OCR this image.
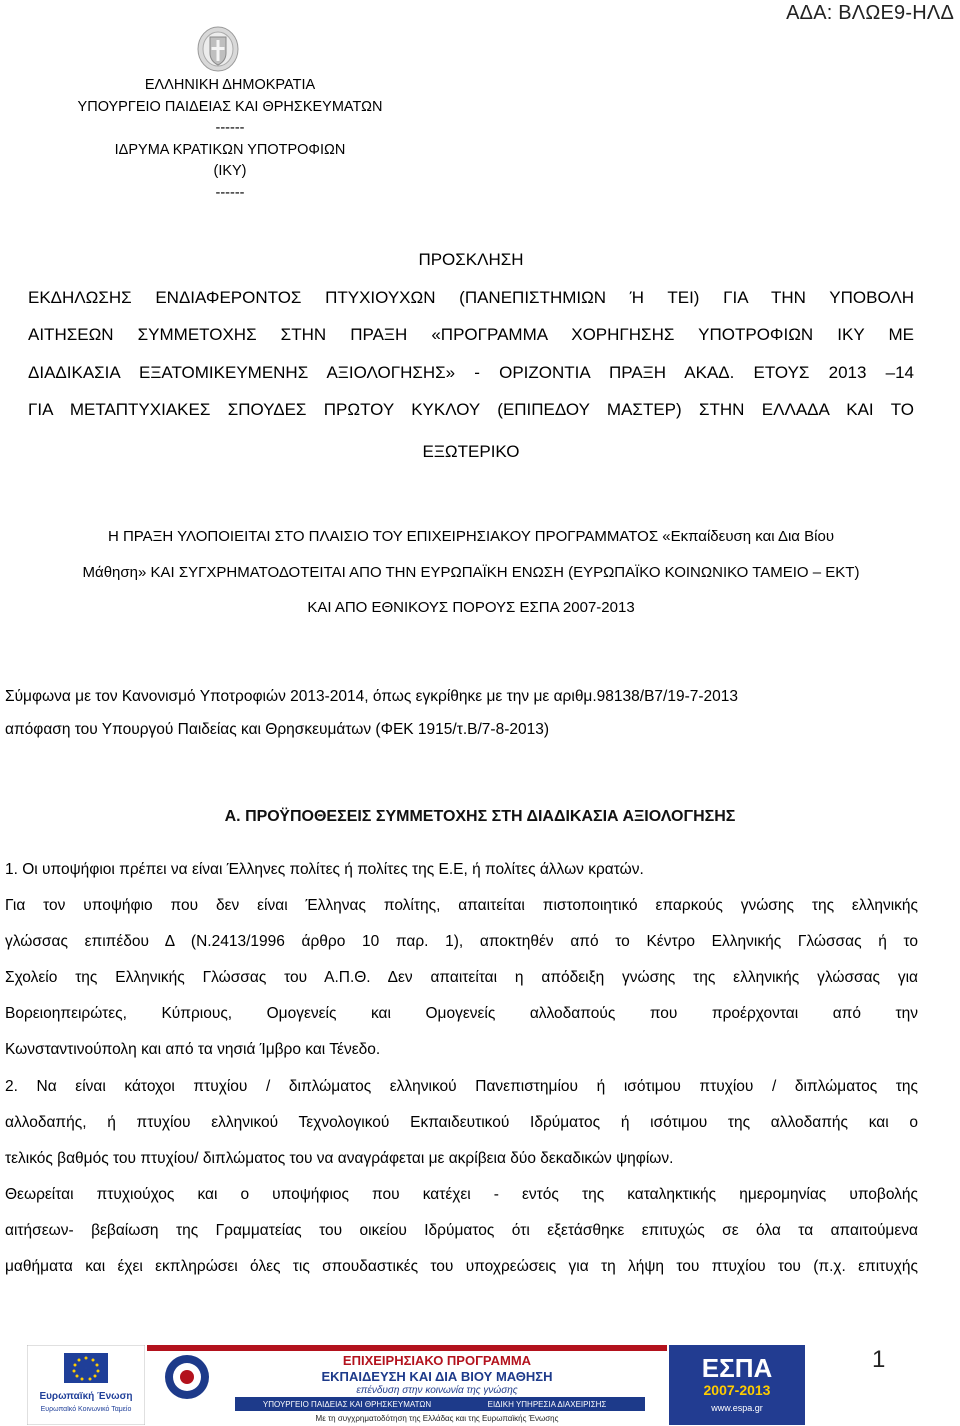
ΑΔΑ: ΒΛΩΕ9-ΗΛΔ
ΕΛΛΗΝΙΚΗ ΔΗΜΟΚΡΑΤΙΑ
ΥΠΟΥΡΓΕΙΟ ΠΑΙΔΕΙΑΣ ΚΑΙ ΘΡΗΣΚΕΥΜΑΤΩΝ
------
ΙΔΡΥΜΑ ΚΡΑΤΙΚΩΝ ΥΠΟΤΡΟΦΙΩΝ
(ΙΚΥ)
------
ΠΡΟΣΚΛΗΣΗ
ΕΚΔΗΛΩΣΗΣ ΕΝΔΙΑΦΕΡΟΝΤΟΣ ΠΤΥΧΙΟΥΧΩΝ (ΠΑΝΕΠΙΣΤΗΜΙΩΝ Ή ΤΕΙ) ΓΙΑ ΤΗΝ ΥΠΟΒΟΛΗ
ΑΙΤΗΣΕΩΝ ΣΥΜΜΕΤΟΧΗΣ ΣΤΗΝ ΠΡΑΞΗ «ΠΡΟΓΡΑΜΜΑ ΧΟΡΗΓΗΣΗΣ ΥΠΟΤΡΟΦΙΩΝ ΙΚΥ ΜΕ
ΔΙΑΔΙΚΑΣΙΑ ΕΞΑΤΟΜΙΚΕΥΜΕΝΗΣ ΑΞΙΟΛΟΓΗΣΗΣ» - ΟΡΙΖΟΝΤΙΑ ΠΡΑΞΗ ΑΚΑΔ. ΕΤΟΥΣ 2013 –14
ΓΙΑ ΜΕΤΑΠΤΥΧΙΑΚΕΣ ΣΠΟΥΔΕΣ ΠΡΩΤΟΥ ΚΥΚΛΟΥ (ΕΠΙΠΕΔΟΥ ΜΑΣΤΕΡ) ΣΤΗΝ ΕΛΛΑΔΑ ΚΑΙ ΤΟ
ΕΞΩΤΕΡΙΚΟ
Η ΠΡΑΞΗ ΥΛΟΠΟΙΕΙΤΑΙ ΣΤΟ ΠΛΑΙΣΙΟ ΤΟΥ ΕΠΙΧΕΙΡΗΣΙΑΚΟΥ ΠΡΟΓΡΑΜΜΑΤΟΣ «Εκπαίδευση και Δια Βίου
Μάθηση» ΚΑΙ ΣΥΓΧΡΗΜΑΤΟΔΟΤΕΙΤΑΙ ΑΠΟ ΤΗΝ ΕΥΡΩΠΑΪΚΗ ΕΝΩΣΗ (ΕΥΡΩΠΑΪΚΟ ΚΟΙΝΩΝΙΚΟ ΤΑΜΕΙΟ – ΕΚΤ)
ΚΑΙ ΑΠΟ ΕΘΝΙΚΟΥΣ ΠΟΡΟΥΣ ΕΣΠΑ 2007-2013
Σύμφωνα με τον Κανονισμό Υποτροφιών 2013-2014, όπως εγκρίθηκε με την με αριθμ.98138/Β7/19-7-2013
απόφαση του Υπουργού Παιδείας και Θρησκευμάτων (ΦΕΚ 1915/τ.Β/7-8-2013)
Α. ΠΡΟΫΠΟΘΕΣΕΙΣ ΣΥΜΜΕΤΟΧΗΣ ΣΤΗ ΔΙΑΔΙΚΑΣΙΑ ΑΞΙΟΛΟΓΗΣΗΣ
1. Οι υποψήφιοι πρέπει να είναι Έλληνες πολίτες ή πολίτες της Ε.Ε, ή πολίτες άλλων κρατών.
Για τον υποψήφιο που δεν είναι Έλληνας πολίτης, απαιτείται πιστοποιητικό επαρκούς γνώσης της ελληνικής
γλώσσας επιπέδου Δ (Ν.2413/1996 άρθρο 10 παρ. 1), αποκτηθέν από το Κέντρο Ελληνικής Γλώσσας ή το
Σχολείο της Ελληνικής Γλώσσας του Α.Π.Θ. Δεν απαιτείται η απόδειξη γνώσης της ελληνικής γλώσσας για
Βορειοηπειρώτες, Κύπριους, Ομογενείς και Ομογενείς αλλοδαπούς που προέρχονται από την
Κωνσταντινούπολη και από τα νησιά Ίμβρο και Τένεδο.
2. Να είναι κάτοχοι πτυχίου / διπλώματος ελληνικού Πανεπιστημίου ή ισότιμου πτυχίου / διπλώματος της
αλλοδαπής, ή πτυχίου ελληνικού Τεχνολογικού Εκπαιδευτικού Ιδρύματος ή ισότιμου της αλλοδαπής και ο
τελικός βαθμός του πτυχίου/ διπλώματος του να αναγράφεται με ακρίβεια δύο δεκαδικών ψηφίων.
Θεωρείται πτυχιούχος και ο υποψήφιος που κατέχει - εντός της καταληκτικής ημερομηνίας υποβολής
αιτήσεων- βεβαίωση της Γραμματείας του οικείου Ιδρύματος ότι εξετάσθηκε επιτυχώς σε όλα τα απαιτούμενα
μαθήματα και έχει εκπληρώσει όλες τις σπουδαστικές του υποχρεώσεις για τη λήψη του πτυχίου του (π.χ. επιτυχής
Ευρωπαϊκή Ένωση
Ευρωπαϊκό Κοινωνικό Ταμείο
ΕΠΙΧΕΙΡΗΣΙΑΚΟ ΠΡΟΓΡΑΜΜΑ
ΕΚΠΑΙΔΕΥΣΗ ΚΑΙ ΔΙΑ ΒΙΟΥ ΜΑΘΗΣΗ
επένδυση στην κοινωνία της γνώσης
ΥΠΟΥΡΓΕΙΟ ΠΑΙΔΕΙΑΣ ΚΑΙ ΘΡΗΣΚΕΥΜΑΤΩΝ	ΕΙΔΙΚΗ ΥΠΗΡΕΣΙΑ ΔΙΑΧΕΙΡΙΣΗΣ
Με τη συγχρηματοδότηση της Ελλάδας και της Ευρωπαϊκής Ένωσης
ΕΣΠΑ
2007-2013
www.espa.gr
1
